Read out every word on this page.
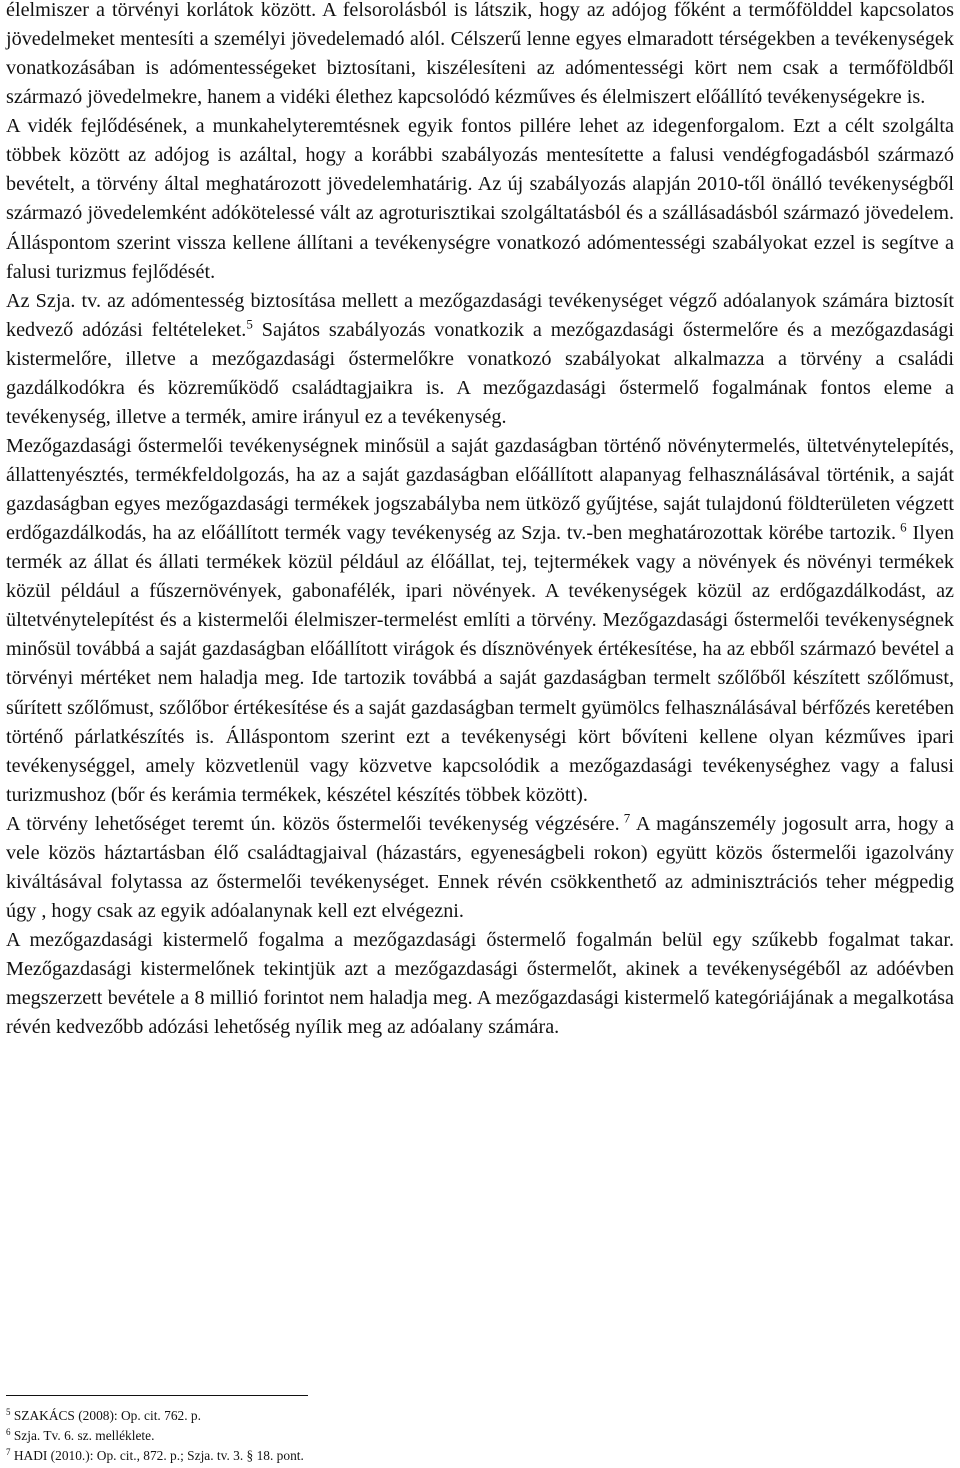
élelmiszer a törvényi korlátok között. A felsorolásból is látszik, hogy az adójog főként a termőfölddel kapcsolatos jövedelmeket mentesíti a személyi jövedelemadó alól. Célszerű lenne egyes elmaradott térségekben a tevékenységek vonatkozásában is adómentességeket biztosítani, kiszélesíteni az adómentességi kört nem csak a termőföldből származó jövedelmekre, hanem a vidéki élethez kapcsolódó kézműves és élelmiszert előállító tevékenységekre is.

A vidék fejlődésének, a munkahelyteremtésnek egyik fontos pillére lehet az idegenforgalom. Ezt a célt szolgálta többek között az adójog is azáltal, hogy a korábbi szabályozás mentesítette a falusi vendégfogadásból származó bevételt, a törvény által meghatározott jövedelemhatárig. Az új szabályozás alapján 2010-től önálló tevékenységből származó jövedelemként adókötelessé vált az agroturisztikai szolgáltatásból és a szállásadásból származó jövedelem. Álláspontom szerint vissza kellene állítani a tevékenységre vonatkozó adómentességi szabályokat ezzel is segítve a falusi turizmus fejlődését.

Az Szja. tv. az adómentesség biztosítása mellett a mezőgazdasági tevékenységet végző adóalanyok számára biztosít kedvező adózási feltételeket.$^5$ Sajátos szabályozás vonatkozik a mezőgazdasági őstermelőre és a mezőgazdasági kistermelőre, illetve a mezőgazdasági őstermelőkre vonatkozó szabályokat alkalmazza a törvény a családi gazdálkodókra és közreműködő családtagjaikra is. A mezőgazdasági őstermelő fogalmának fontos eleme a tevékenység, illetve a termék, amire irányul ez a tevékenység.

Mezőgazdasági őstermelői tevékenységnek minősül a saját gazdaságban történő növénytermelés, ültetvénytelepítés, állattenyésztés, termékfeldolgozás, ha az a saját gazdaságban előállított alapanyag felhasználásával történik, a saját gazdaságban egyes mezőgazdasági termékek jogszabályba nem ütköző gyűjtése, saját tulajdonú földterületen végzett erdőgazdálkodás, ha az előállított termék vagy tevékenység az Szja. tv.-ben meghatározottak körébe tartozik.  $^6$ Ilyen termék az állat és állati termékek közül például az élőállat, tej, tejtermékek vagy a növények és növényi termékek közül például a fűszernövények, gabonafélék, ipari növények. A tevékenységek közül az erdőgazdálkodást, az ültetvénytelepítést és a kistermelői élelmiszer-termelést említi a törvény. Mezőgazdasági őstermelői tevékenységnek minősül továbbá a saját gazdaságban előállított virágok és dísznövények értékesítése, ha az ebből származó bevétel a törvényi mértéket nem haladja meg. Ide tartozik továbbá a saját gazdaságban termelt szőlőből készített szőlőmust, sűrített szőlőmust, szőlőbor értékesítése és a saját gazdaságban termelt gyümölcs felhasználásával bérfőzés keretében történő párlatkészítés is. Álláspontom szerint ezt a tevékenységi kört bővíteni kellene olyan kézműves ipari tevékenységgel, amely közvetlenül vagy közvetve kapcsolódik a mezőgazdasági tevékenységhez vagy a falusi turizmushoz (bőr és kerámia termékek, készétel készítés többek között).

A törvény lehetőséget teremt ún. közös őstermelői tevékenység végzésére.  $^7$ A magánszemély jogosult arra, hogy a vele közös háztartásban élő családtagjaival (házastárs, egyeneságbeli rokon) együtt közös őstermelői igazolvány kiváltásával folytassa az őstermelői tevékenységet. Ennek révén csökkenthető az adminisztrációs teher mégpedig úgy , hogy csak az egyik adóalanynak kell ezt elvégezni.

A mezőgazdasági kistermelő fogalma a mezőgazdasági őstermelő fogalmán belül egy szűkebb fogalmat takar. Mezőgazdasági kistermelőnek tekintjük azt a mezőgazdasági őstermelőt, akinek a tevékenységéből az adóévben megszerzett bevétele a 8 millió forintot nem haladja meg. A mezőgazdasági kistermelő kategóriájának a megalkotása révén kedvezőbb adózási lehetőség nyílik meg az adóalany számára.

$^5$ SZAKÁCS (2008): Op. cit. 762. p.
$^6$ Szja. Tv. 6. sz. melléklete.
$^7$ HADI (2010.): Op. cit., 872. p.; Szja. tv. 3. § 18. pont.
